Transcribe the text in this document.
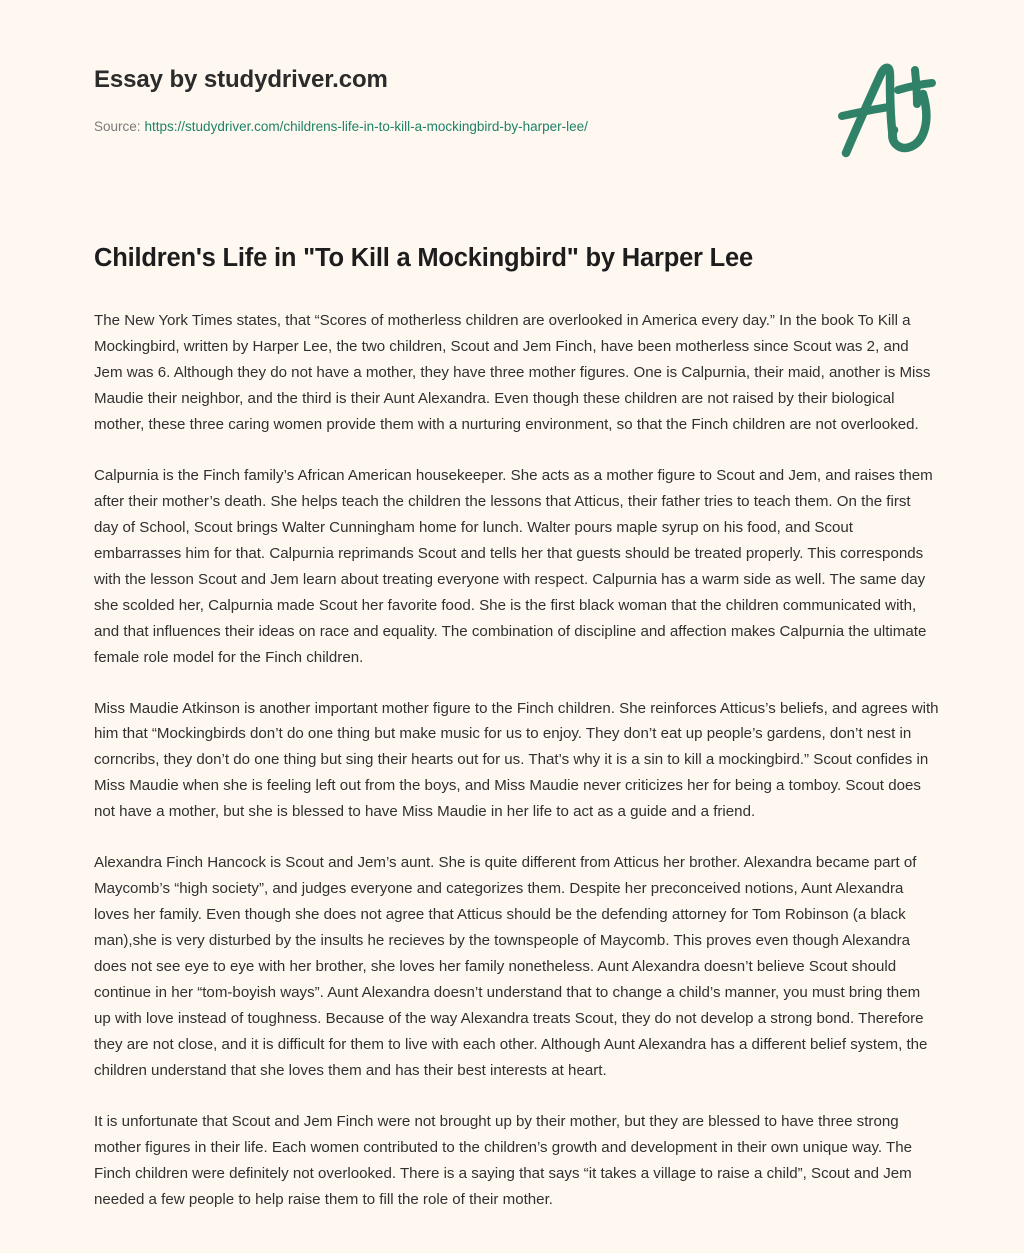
Essay by studydriver.com
Source: https://studydriver.com/childrens-life-in-to-kill-a-mockingbird-by-harper-lee/
Children's Life in "To Kill a Mockingbird" by Harper Lee

The New York Times states, that “Scores of motherless children are overlooked in America every day.” In the book To Kill a Mockingbird, written by Harper Lee, the two children, Scout and Jem Finch, have been motherless since Scout was 2, and Jem was 6. Although they do not have a mother, they have three mother figures. One is Calpurnia, their maid, another is Miss Maudie their neighbor, and the third is their Aunt Alexandra. Even though these children are not raised by their biological mother, these three caring women provide them with a nurturing environment, so that the Finch children are not overlooked.

Calpurnia is the Finch family’s African American housekeeper. She acts as a mother figure to Scout and Jem, and raises them after their mother’s death. She helps teach the children the lessons that Atticus, their father tries to teach them. On the first day of School, Scout brings Walter Cunningham home for lunch. Walter pours maple syrup on his food, and Scout embarrasses him for that. Calpurnia reprimands Scout and tells her that guests should be treated properly. This corresponds with the lesson Scout and Jem learn about treating everyone with respect. Calpurnia has a warm side as well. The same day she scolded her, Calpurnia made Scout her favorite food. She is the first black woman that the children communicated with, and that influences their ideas on race and equality. The combination of discipline and affection makes Calpurnia the ultimate female role model for the Finch children.

Miss Maudie Atkinson is another important mother figure to the Finch children. She reinforces Atticus’s beliefs, and agrees with him that “Mockingbirds don’t do one thing but make music for us to enjoy. They don’t eat up people’s gardens, don’t nest in corncribs, they don’t do one thing but sing their hearts out for us. That’s why it is a sin to kill a mockingbird.” Scout confides in Miss Maudie when she is feeling left out from the boys, and Miss Maudie never criticizes her for being a tomboy. Scout does not have a mother, but she is blessed to have Miss Maudie in her life to act as a guide and a friend.

Alexandra Finch Hancock is Scout and Jem’s aunt. She is quite different from Atticus her brother. Alexandra became part of Maycomb’s “high society”, and judges everyone and categorizes them. Despite her preconceived notions, Aunt Alexandra loves her family. Even though she does not agree that Atticus should be the defending attorney for Tom Robinson (a black man),she is very disturbed by the insults he recieves by the townspeople of Maycomb. This proves even though Alexandra does not see eye to eye with her brother, she loves her family nonetheless. Aunt Alexandra doesn’t believe Scout should continue in her “tom-boyish ways”. Aunt Alexandra doesn’t understand that to change a child’s manner, you must bring them up with love instead of toughness. Because of the way Alexandra treats Scout, they do not develop a strong bond. Therefore they are not close, and it is difficult for them to live with each other. Although Aunt Alexandra has a different belief system, the children understand that she loves them and has their best interests at heart.

It is unfortunate that Scout and Jem Finch were not brought up by their mother, but they are blessed to have three strong mother figures in their life. Each women contributed to the children’s growth and development in their own unique way. The Finch children were definitely not overlooked. There is a saying that says “it takes a village to raise a child”, Scout and Jem needed a few people to help raise them to fill the role of their mother.
